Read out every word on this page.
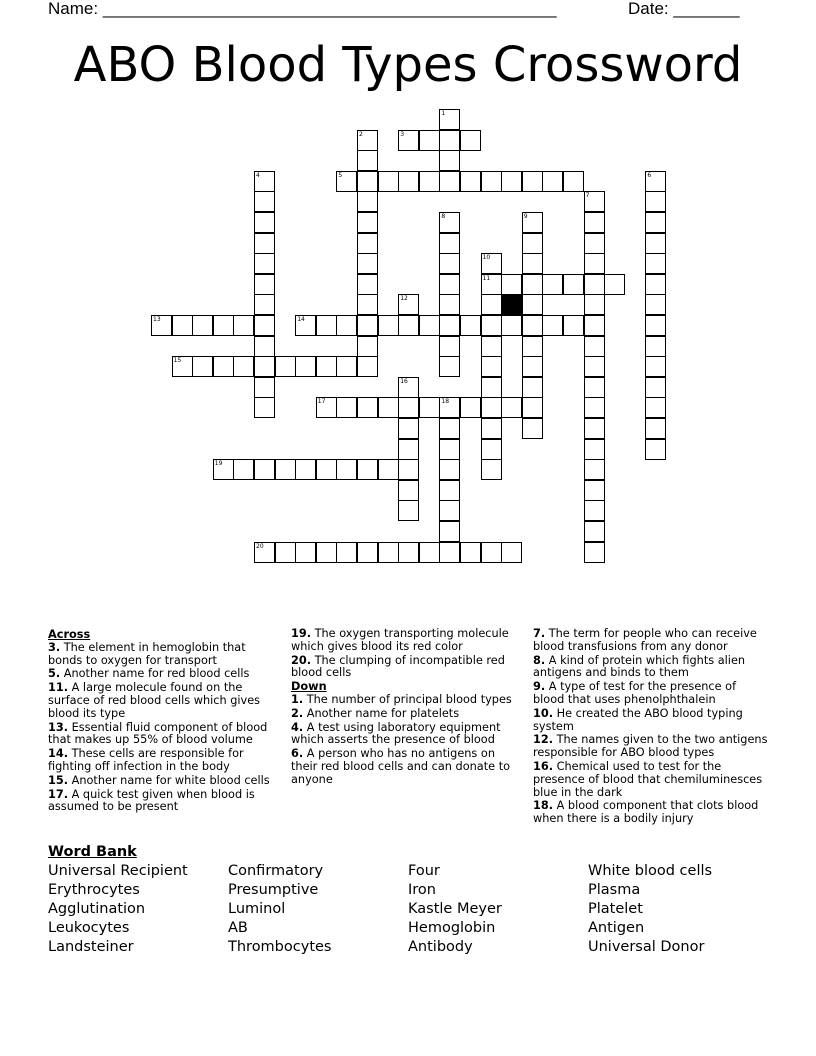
Name: ________________________________________________	Date: _______
ABO Blood Types Crossword
3
5
11
13	14
15
17	18
19
20
1
2
4	6
7
8	9
10
12
16
Across
3. The element in hemoglobin that bonds to oxygen for transport
5. Another name for red blood cells
11. A large molecule found on the surface of red blood cells which gives blood its type
13. Essential fluid component of blood that makes up 55% of blood volume
14. These cells are responsible for fighting off infection in the body
15. Another name for white blood cells
17. A quick test given when blood is assumed to be present
19. The oxygen transporting molecule which gives blood its red color
20. The clumping of incompatible red blood cells
Down
1. The number of principal blood types
2. Another name for platelets
4. A test using laboratory equipment which asserts the presence of blood
6. A person who has no antigens on their red blood cells and can donate to anyone
7. The term for people who can receive blood transfusions from any donor
8. A kind of protein which fights alien antigens and binds to them
9. A type of test for the presence of blood that uses phenolphthalein
10. He created the ABO blood typing system
12. The names given to the two antigens responsible for ABO blood types
16. Chemical used to test for the presence of blood that chemiluminesces blue in the dark
18. A blood component that clots blood when there is a bodily injury
Word Bank
Universal Recipient
Erythrocytes
Agglutination
Leukocytes
Landsteiner
Confirmatory
Presumptive
Luminol
AB
Thrombocytes
Four
Iron
Kastle Meyer
Hemoglobin
Antibody
White blood cells
Plasma
Platelet
Antigen
Universal Donor
